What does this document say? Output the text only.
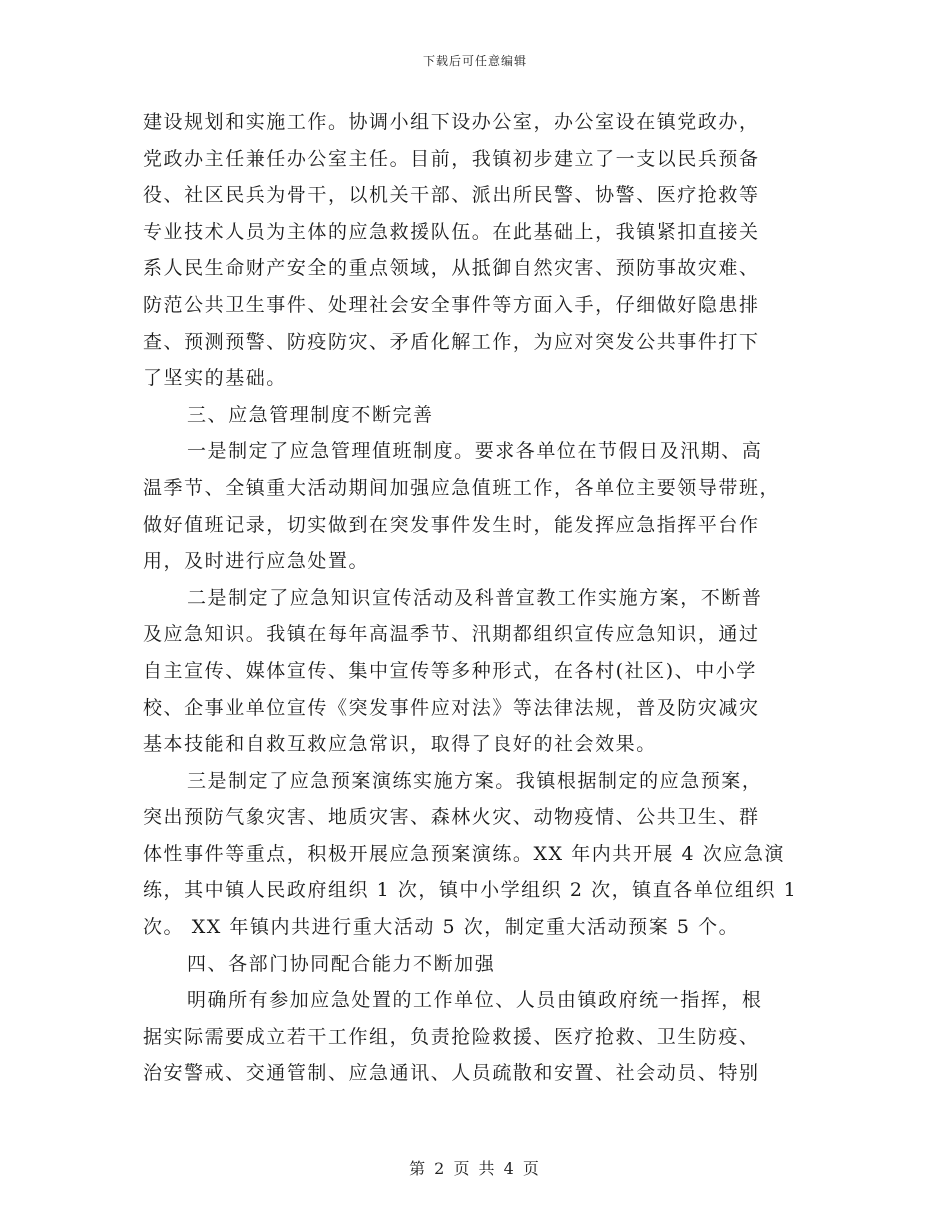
下载后可任意编辑
建设规划和实施工作。协调小组下设办公室，办公室设在镇党政办，
党政办主任兼任办公室主任。目前，我镇初步建立了一支以民兵预备
役、社区民兵为骨干，以机关干部、派出所民警、协警、医疗抢救等
专业技术人员为主体的应急救援队伍。在此基础上，我镇紧扣直接关
系人民生命财产安全的重点领域，从抵御自然灾害、预防事故灾难、
防范公共卫生事件、处理社会安全事件等方面入手，仔细做好隐患排
查、预测预警、防疫防灾、矛盾化解工作，为应对突发公共事件打下
了坚实的基础。
三、应急管理制度不断完善
一是制定了应急管理值班制度。要求各单位在节假日及汛期、高
温季节、全镇重大活动期间加强应急值班工作，各单位主要领导带班，
做好值班记录，切实做到在突发事件发生时，能发挥应急指挥平台作
用，及时进行应急处置。
二是制定了应急知识宣传活动及科普宣教工作实施方案，不断普
及应急知识。我镇在每年高温季节、汛期都组织宣传应急知识，通过
自主宣传、媒体宣传、集中宣传等多种形式，在各村(社区)、中小学
校、企事业单位宣传《突发事件应对法》等法律法规，普及防灾减灾
基本技能和自救互救应急常识，取得了良好的社会效果。
三是制定了应急预案演练实施方案。我镇根据制定的应急预案，
突出预防气象灾害、地质灾害、森林火灾、动物疫情、公共卫生、群
体性事件等重点，积极开展应急预案演练。XX 年内共开展 4 次应急演
练，其中镇人民政府组织 1 次，镇中小学组织 2 次，镇直各单位组织 1
次。 XX 年镇内共进行重大活动 5 次，制定重大活动预案 5 个。
四、各部门协同配合能力不断加强
明确所有参加应急处置的工作单位、人员由镇政府统一指挥，根
据实际需要成立若干工作组，负责抢险救援、医疗抢救、卫生防疫、
治安警戒、交通管制、应急通讯、人员疏散和安置、社会动员、特别
第 2 页 共 4 页
